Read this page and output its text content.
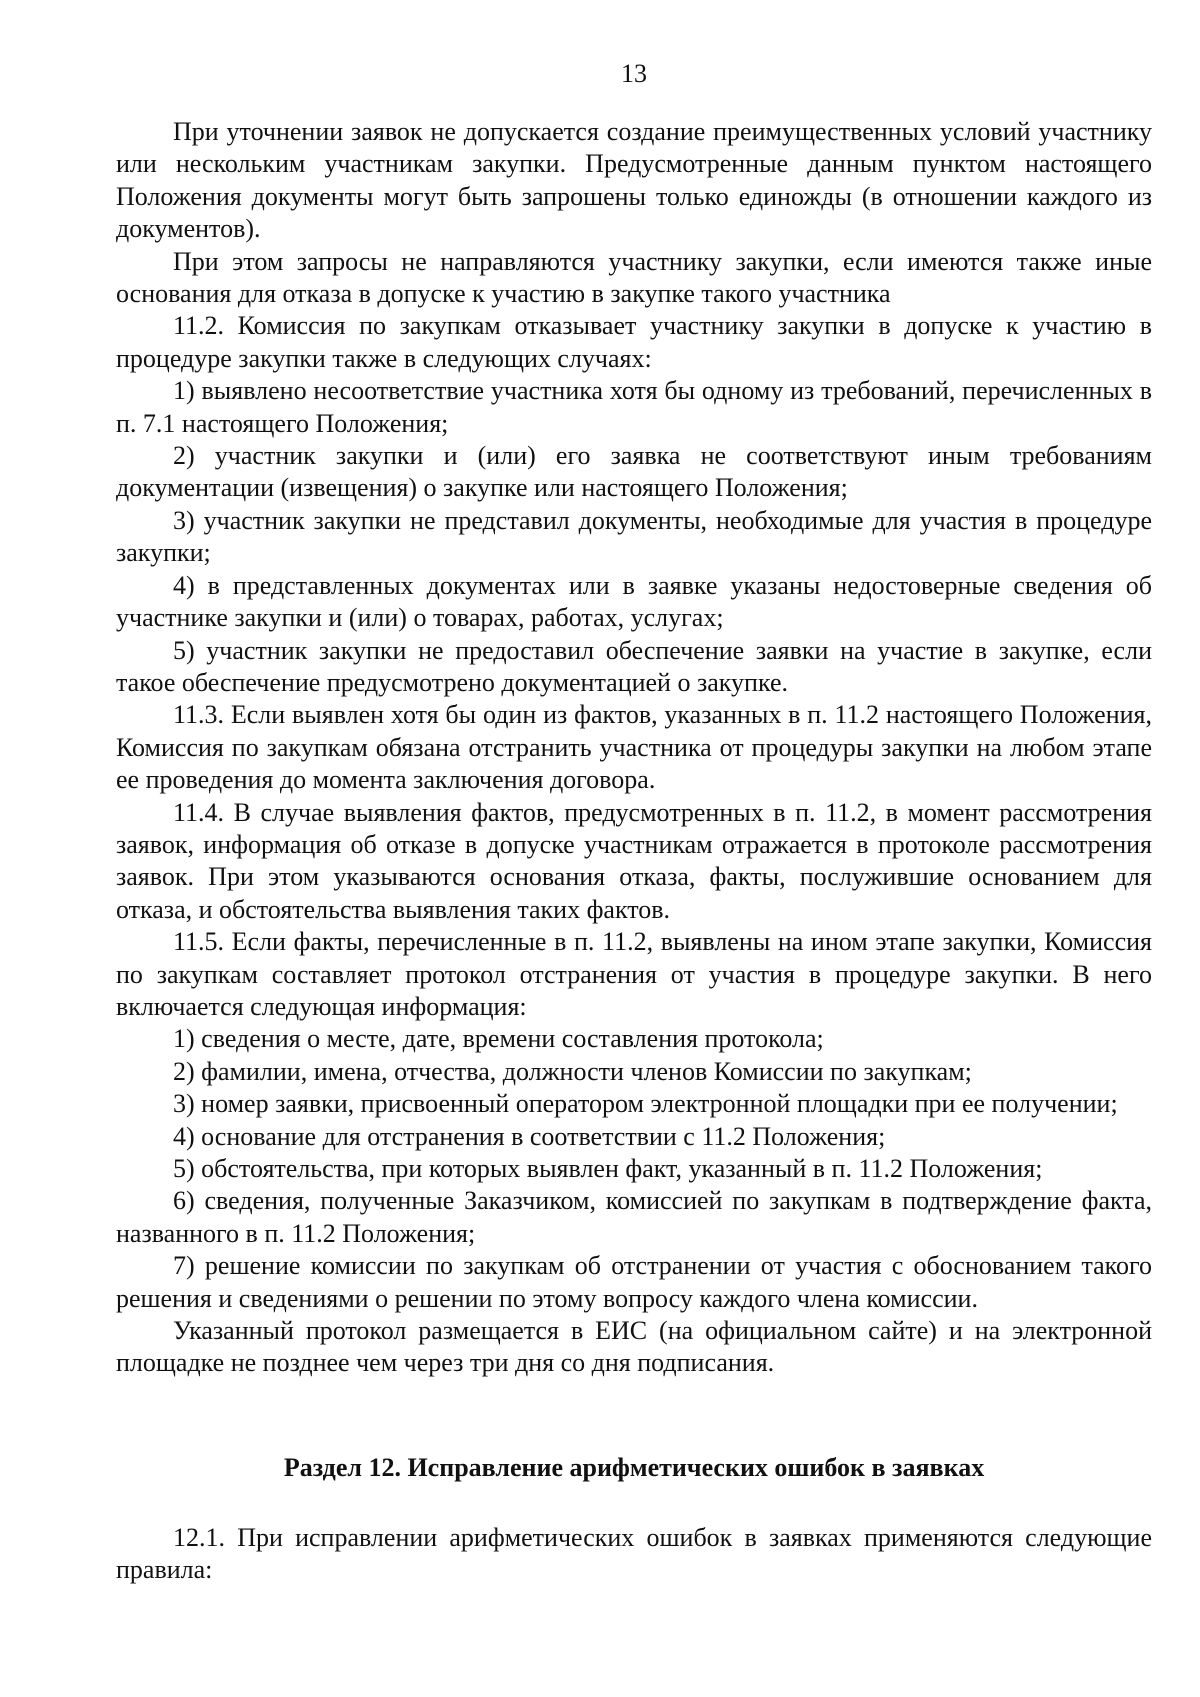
13

При уточнении заявок не допускается создание преимущественных условий участнику или нескольким участникам закупки. Предусмотренные данным пунктом настоящего Положения документы могут быть запрошены только единожды (в отношении каждого из документов).

При этом запросы не направляются участнику закупки, если имеются также иные основания для отказа в допуске к участию в закупке такого участника

11.2. Комиссия по закупкам отказывает участнику закупки в допуске к участию в процедуре закупки также в следующих случаях:

1) выявлено несоответствие участника хотя бы одному из требований, перечисленных в п. 7.1 настоящего Положения;

2) участник закупки и (или) его заявка не соответствуют иным требованиям документации (извещения) о закупке или настоящего Положения;

3) участник закупки не представил документы, необходимые для участия в процедуре закупки;

4) в представленных документах или в заявке указаны недостоверные сведения об участнике закупки и (или) о товарах, работах, услугах;

5) участник закупки не предоставил обеспечение заявки на участие в закупке, если такое обеспечение предусмотрено документацией о закупке.

11.3. Если выявлен хотя бы один из фактов, указанных в п. 11.2 настоящего Положения, Комиссия по закупкам обязана отстранить участника от процедуры закупки на любом этапе ее проведения до момента заключения договора.

11.4. В случае выявления фактов, предусмотренных в п. 11.2, в момент рассмотрения заявок, информация об отказе в допуске участникам отражается в протоколе рассмотрения заявок. При этом указываются основания отказа, факты, послужившие основанием для отказа, и обстоятельства выявления таких фактов.

11.5. Если факты, перечисленные в п. 11.2, выявлены на ином этапе закупки, Комиссия по закупкам составляет протокол отстранения от участия в процедуре закупки. В него включается следующая информация:

1) сведения о месте, дате, времени составления протокола;

2) фамилии, имена, отчества, должности членов Комиссии по закупкам;

3) номер заявки, присвоенный оператором электронной площадки при ее получении;

4) основание для отстранения в соответствии с 11.2 Положения;

5) обстоятельства, при которых выявлен факт, указанный в п. 11.2 Положения;

6) сведения, полученные Заказчиком, комиссией по закупкам в подтверждение факта, названного в п. 11.2 Положения;

7) решение комиссии по закупкам об отстранении от участия с обоснованием такого решения и сведениями о решении по этому вопросу каждого члена комиссии.

Указанный протокол размещается в ЕИС (на официальном сайте) и на электронной площадке не позднее чем через три дня со дня подписания.

Раздел 12. Исправление арифметических ошибок в заявках

12.1. При исправлении арифметических ошибок в заявках применяются следующие правила:
